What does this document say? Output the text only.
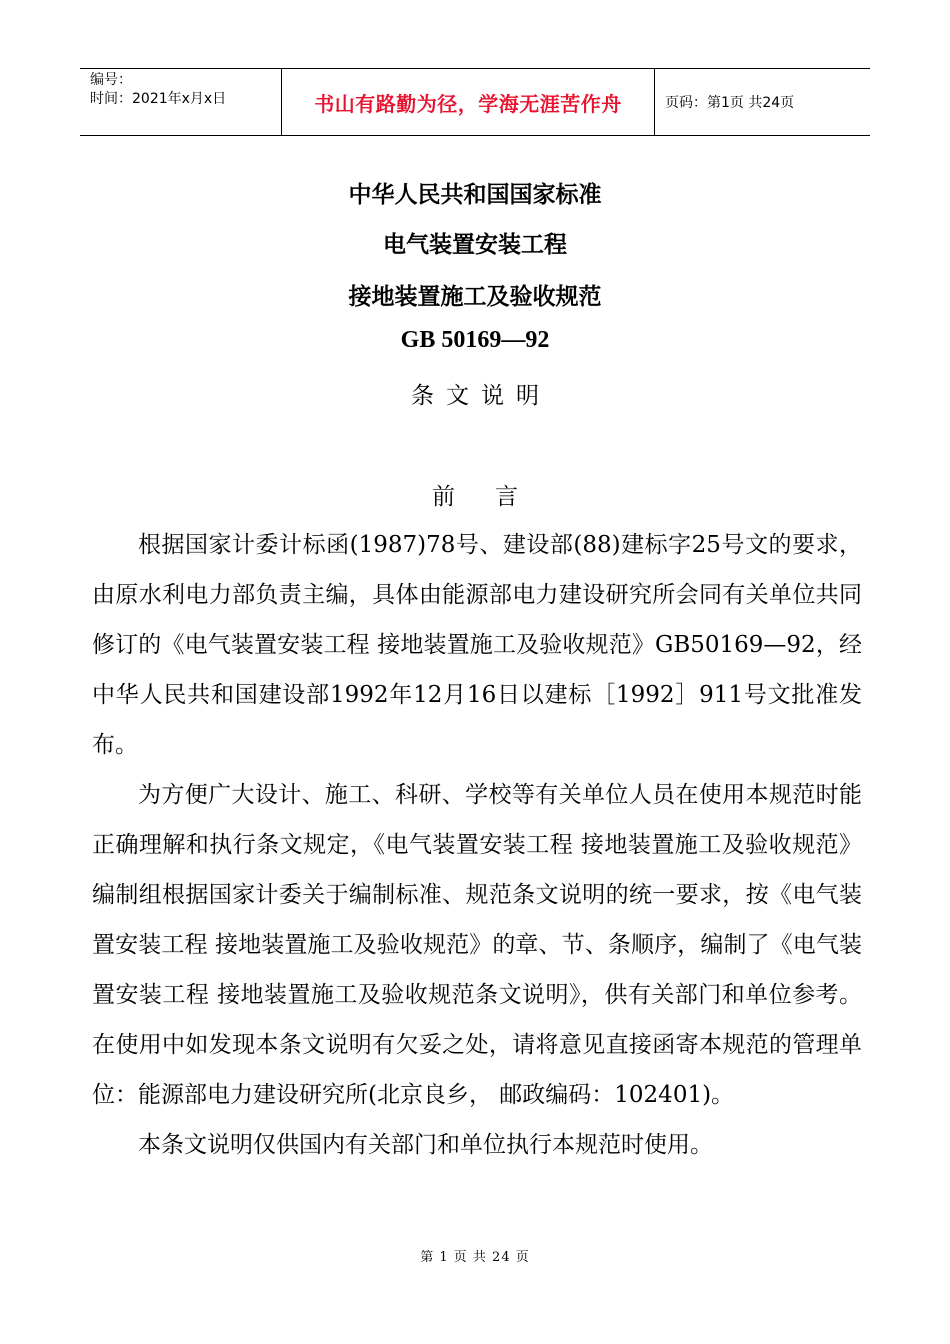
编号：
时间：2021年x月x日	书山有路勤为径，学海无涯苦作舟	页码：第1页 共24页
中华人民共和国国家标准
电气装置安装工程
接地装置施工及验收规范
GB 50169—92
条文说明
前言

根据国家计委计标函(1987)78号、建设部(88)建标字25号文的要求，由原水利电力部负责主编，具体由能源部电力建设研究所会同有关单位共同修订的《电气装置安装工程 接地装置施工及验收规范》GB50169—92，经中华人民共和国建设部1992年12月16日以建标［1992］911号文批准发布。

为方便广大设计、施工、科研、学校等有关单位人员在使用本规范时能正确理解和执行条文规定，《电气装置安装工程 接地装置施工及验收规范》编制组根据国家计委关于编制标准、规范条文说明的统一要求，按《电气装置安装工程 接地装置施工及验收规范》的章、节、条顺序，编制了《电气装置安装工程 接地装置施工及验收规范条文说明》，供有关部门和单位参考。在使用中如发现本条文说明有欠妥之处，请将意见直接函寄本规范的管理单位：能源部电力建设研究所(北京良乡， 邮政编码：102401)。

本条文说明仅供国内有关部门和单位执行本规范时使用。

第 1 页 共 24 页
